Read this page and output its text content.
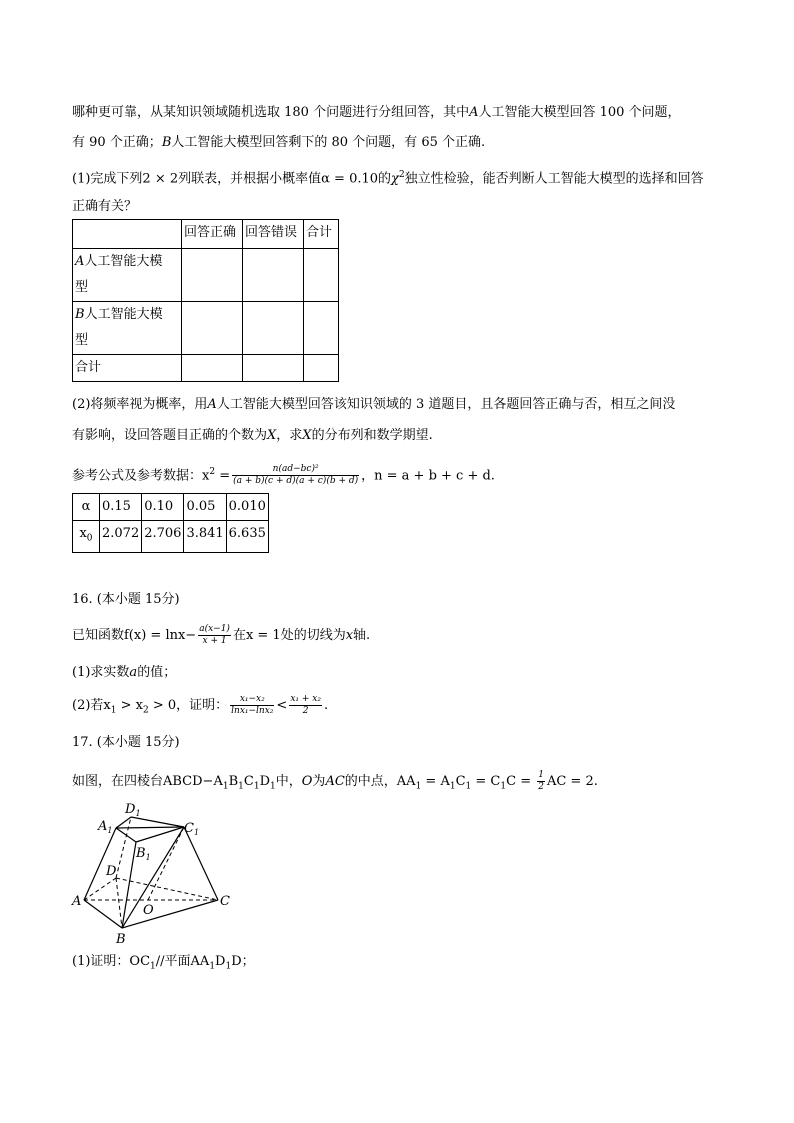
哪种更可靠，从某知识领域随机选取 180 个问题进行分组回答，其中A人工智能大模型回答 100 个问题，
有 90 个正确；B人工智能大模型回答剩下的 80 个问题，有 65 个正确.
(1)完成下列2 × 2列联表，并根据小概率值α = 0.10的$\chi^2$独立性检验，能否判断人工智能大模型的选择和回答
正确有关？
	回答正确	回答错误	合计
A人工智能大模
型			
B人工智能大模
型			
合计			
(2)将频率视为概率，用A人工智能大模型回答该知识领域的 3 道题目，且各题回答正确与否，相互之间没
有影响，设回答题目正确的个数为X，求X的分布列和数学期望.
参考公式及参考数据：$x^2 = \frac{\text{n(ad−bc)²}}{(a + b)(c + d)(a + c)(b + d)}$ ，n = a + b + c + d.
α	0.15	0.10	0.05	0.010
$x_0$	2.072	2.706	3.841	6.635
16. (本小题 15分)
已知函数$f(x) = \ln x- \frac{a(x-1)}{x + 1}$ 在x = 1处的切线为x轴.
(1)求实数a的值；
(2)若$x_1 > x_2 > 0$，证明： $\frac{\text{x₁−x₂}}{\text{lnx₁−lnx₂}} < \frac{\text{x₁ + x₂}}{2}$ .
17. (本小题 15分)
如图，在四棱台$ABCD-A_1B_1C_1D_1$中，O为AC的中点，$AA_1 = A_1C_1 = C_1C = \frac{1}{2}$ AC = 2.
$D_1$
$A_1$	$C_1$
$B_1$
D
A
O
C
B
(1)证明：$OC_1//$平面$AA_1D_1D$；
